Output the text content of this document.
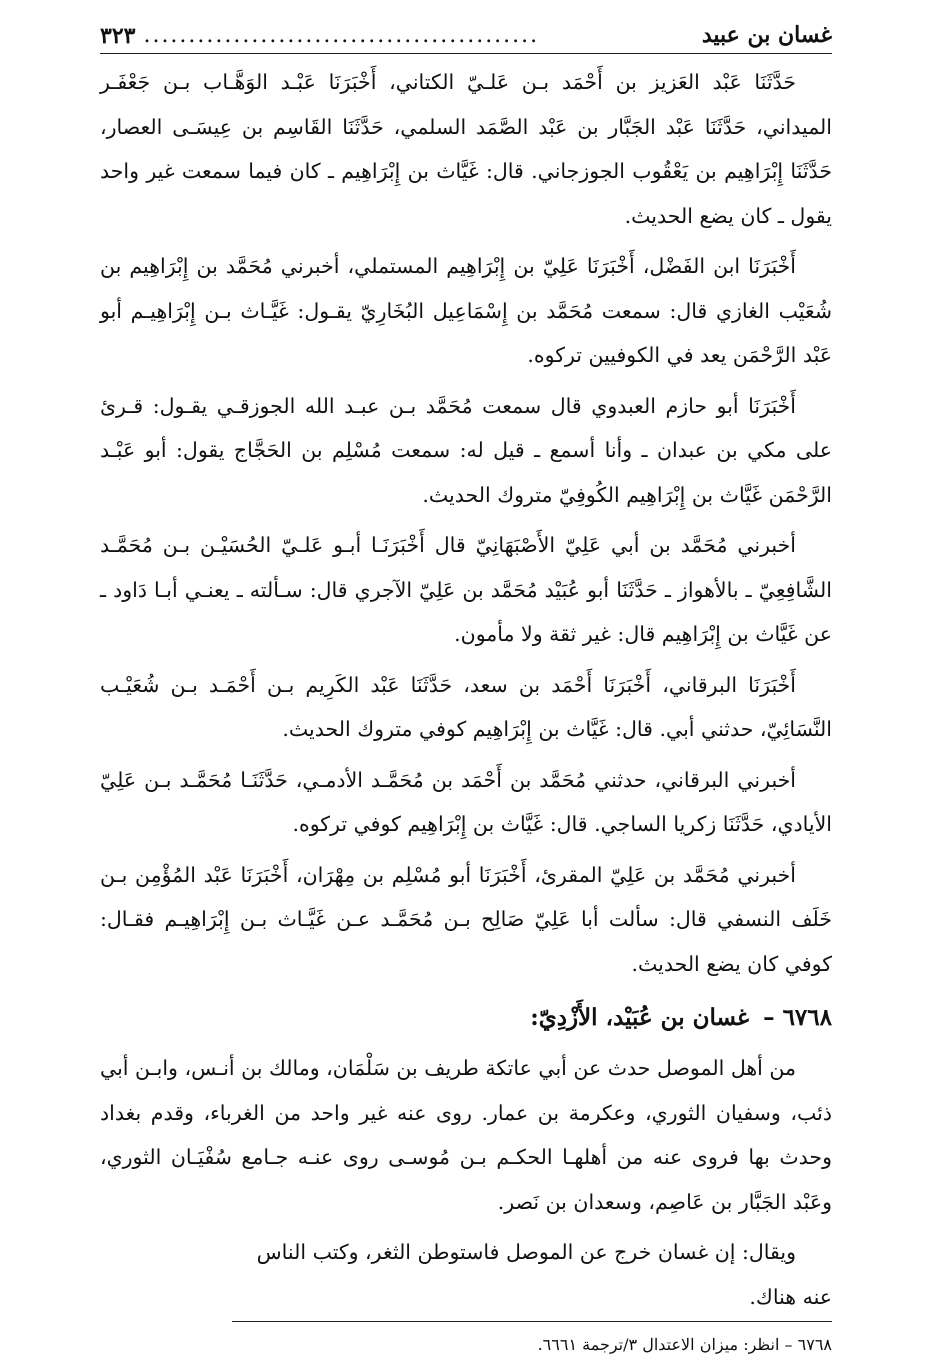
غسان بن عبيد
............................................
٣٢٣

حَدَّثَنَا عَبْد العَزيز بن أَحْمَد بـن عَلـيّ الكتاني، أَخْبَرَنَا عَبْـد الوَهَّـاب بـن جَعْفَـر الميداني، حَدَّثَنَا عَبْد الجَبَّار بن عَبْد الصَّمَد السلمي، حَدَّثَنَا القَاسِم بن عِيسَـى العصار، حَدَّثَنَا إِبْرَاهِيم بن يَعْقُوب الجوزجاني. قال: غَيَّاث بن إِبْرَاهِيم ـ كان فيما سمعت غير واحد يقول ـ كان يضع الحديث.

أَخْبَرَنَا ابن الفَضْل، أَخْبَرَنَا عَلِيّ بن إِبْرَاهِيم المستملي، أخبرني مُحَمَّد بن إِبْرَاهِيم بن شُعَيْب الغازي قال: سمعت مُحَمَّد بن إِسْمَاعِيل البُخَارِيّ يقـول: غَيَّـاث بـن إِبْرَاهِيـم أبو عَبْد الرَّحْمَن يعد في الكوفيين تركوه.

أَخْبَرَنَا أبو حازم العبدوي قال سمعت مُحَمَّد بـن عبـد الله الجوزقـي يقـول: قـرئ على مكي بن عبدان ـ وأنا أسمع ـ قيل له: سمعت مُسْلِم بن الحَجَّاج يقول: أبو عَبْـد الرَّحْمَن غَيَّاث بن إِبْرَاهِيم الكُوفِيّ متروك الحديث.

أخبرني مُحَمَّد بن أبي عَلِيّ الأَصْبَهَانِيّ قال أَخْبَرَنَـا أبـو عَلـيّ الحُسَيْـن بـن مُحَمَّـد الشَّافِعِيّ ـ بالأهواز ـ حَدَّثَنَا أبو عُبَيْد مُحَمَّد بن عَلِيّ الآجري قال: سـألته ـ يعنـي أبـا دَاود ـ عن غَيَّاث بن إِبْرَاهِيم قال: غير ثقة ولا مأمون.

أَخْبَرَنَا البرقاني، أَخْبَرَنَا أَحْمَد بن سعد، حَدَّثَنَا عَبْد الكَرِيم بـن أَحْمَـد بـن شُعَيْـب النَّسَائِيّ، حدثني أبي. قال: غَيَّاث بن إِبْرَاهِيم كوفي متروك الحديث.

أخبرني البرقاني، حدثني مُحَمَّد بن أَحْمَد بن مُحَمَّـد الأدمـي، حَدَّثَنَـا مُحَمَّـد بـن عَلِيّ الأيادي، حَدَّثَنَا زكريا الساجي. قال: غَيَّاث بن إِبْرَاهِيم كوفي تركوه.

أخبرني مُحَمَّد بن عَلِيّ المقرئ، أَخْبَرَنَا أبو مُسْلِم بن مِهْرَان، أَخْبَرَنَا عَبْد المُؤْمِن بـن خَلَف النسفي قال: سألت أبا عَلِيّ صَالِح بـن مُحَمَّـد عـن غَيَّـاث بـن إِبْرَاهِيـم فقـال: كوفي كان يضع الحديث.

٦٧٦٨ – غسان بن عُبَيْد، الأَزْدِيّ:

من أهل الموصل حدث عن أبي عاتكة طريف بن سَلْمَان، ومالك بن أنـس، وابـن أبي ذئب، وسفيان الثوري، وعكرمة بن عمار. روى عنه غير واحد من الغرباء، وقدم بغداد وحدث بها فروى عنه من أهلهـا الحكـم بـن مُوسـى روى عنـه جـامع سُفْيَـان الثوري، وعَبْد الجَبَّار بن عَاصِم، وسعدان بن نَصر.

ويقال: إن غسان خرج عن الموصل فاستوطن الثغر، وكتب الناس عنه هناك.

٦٧٦٨ – انظر: ميزان الاعتدال ٣/ترجمة ٦٦٦١.
